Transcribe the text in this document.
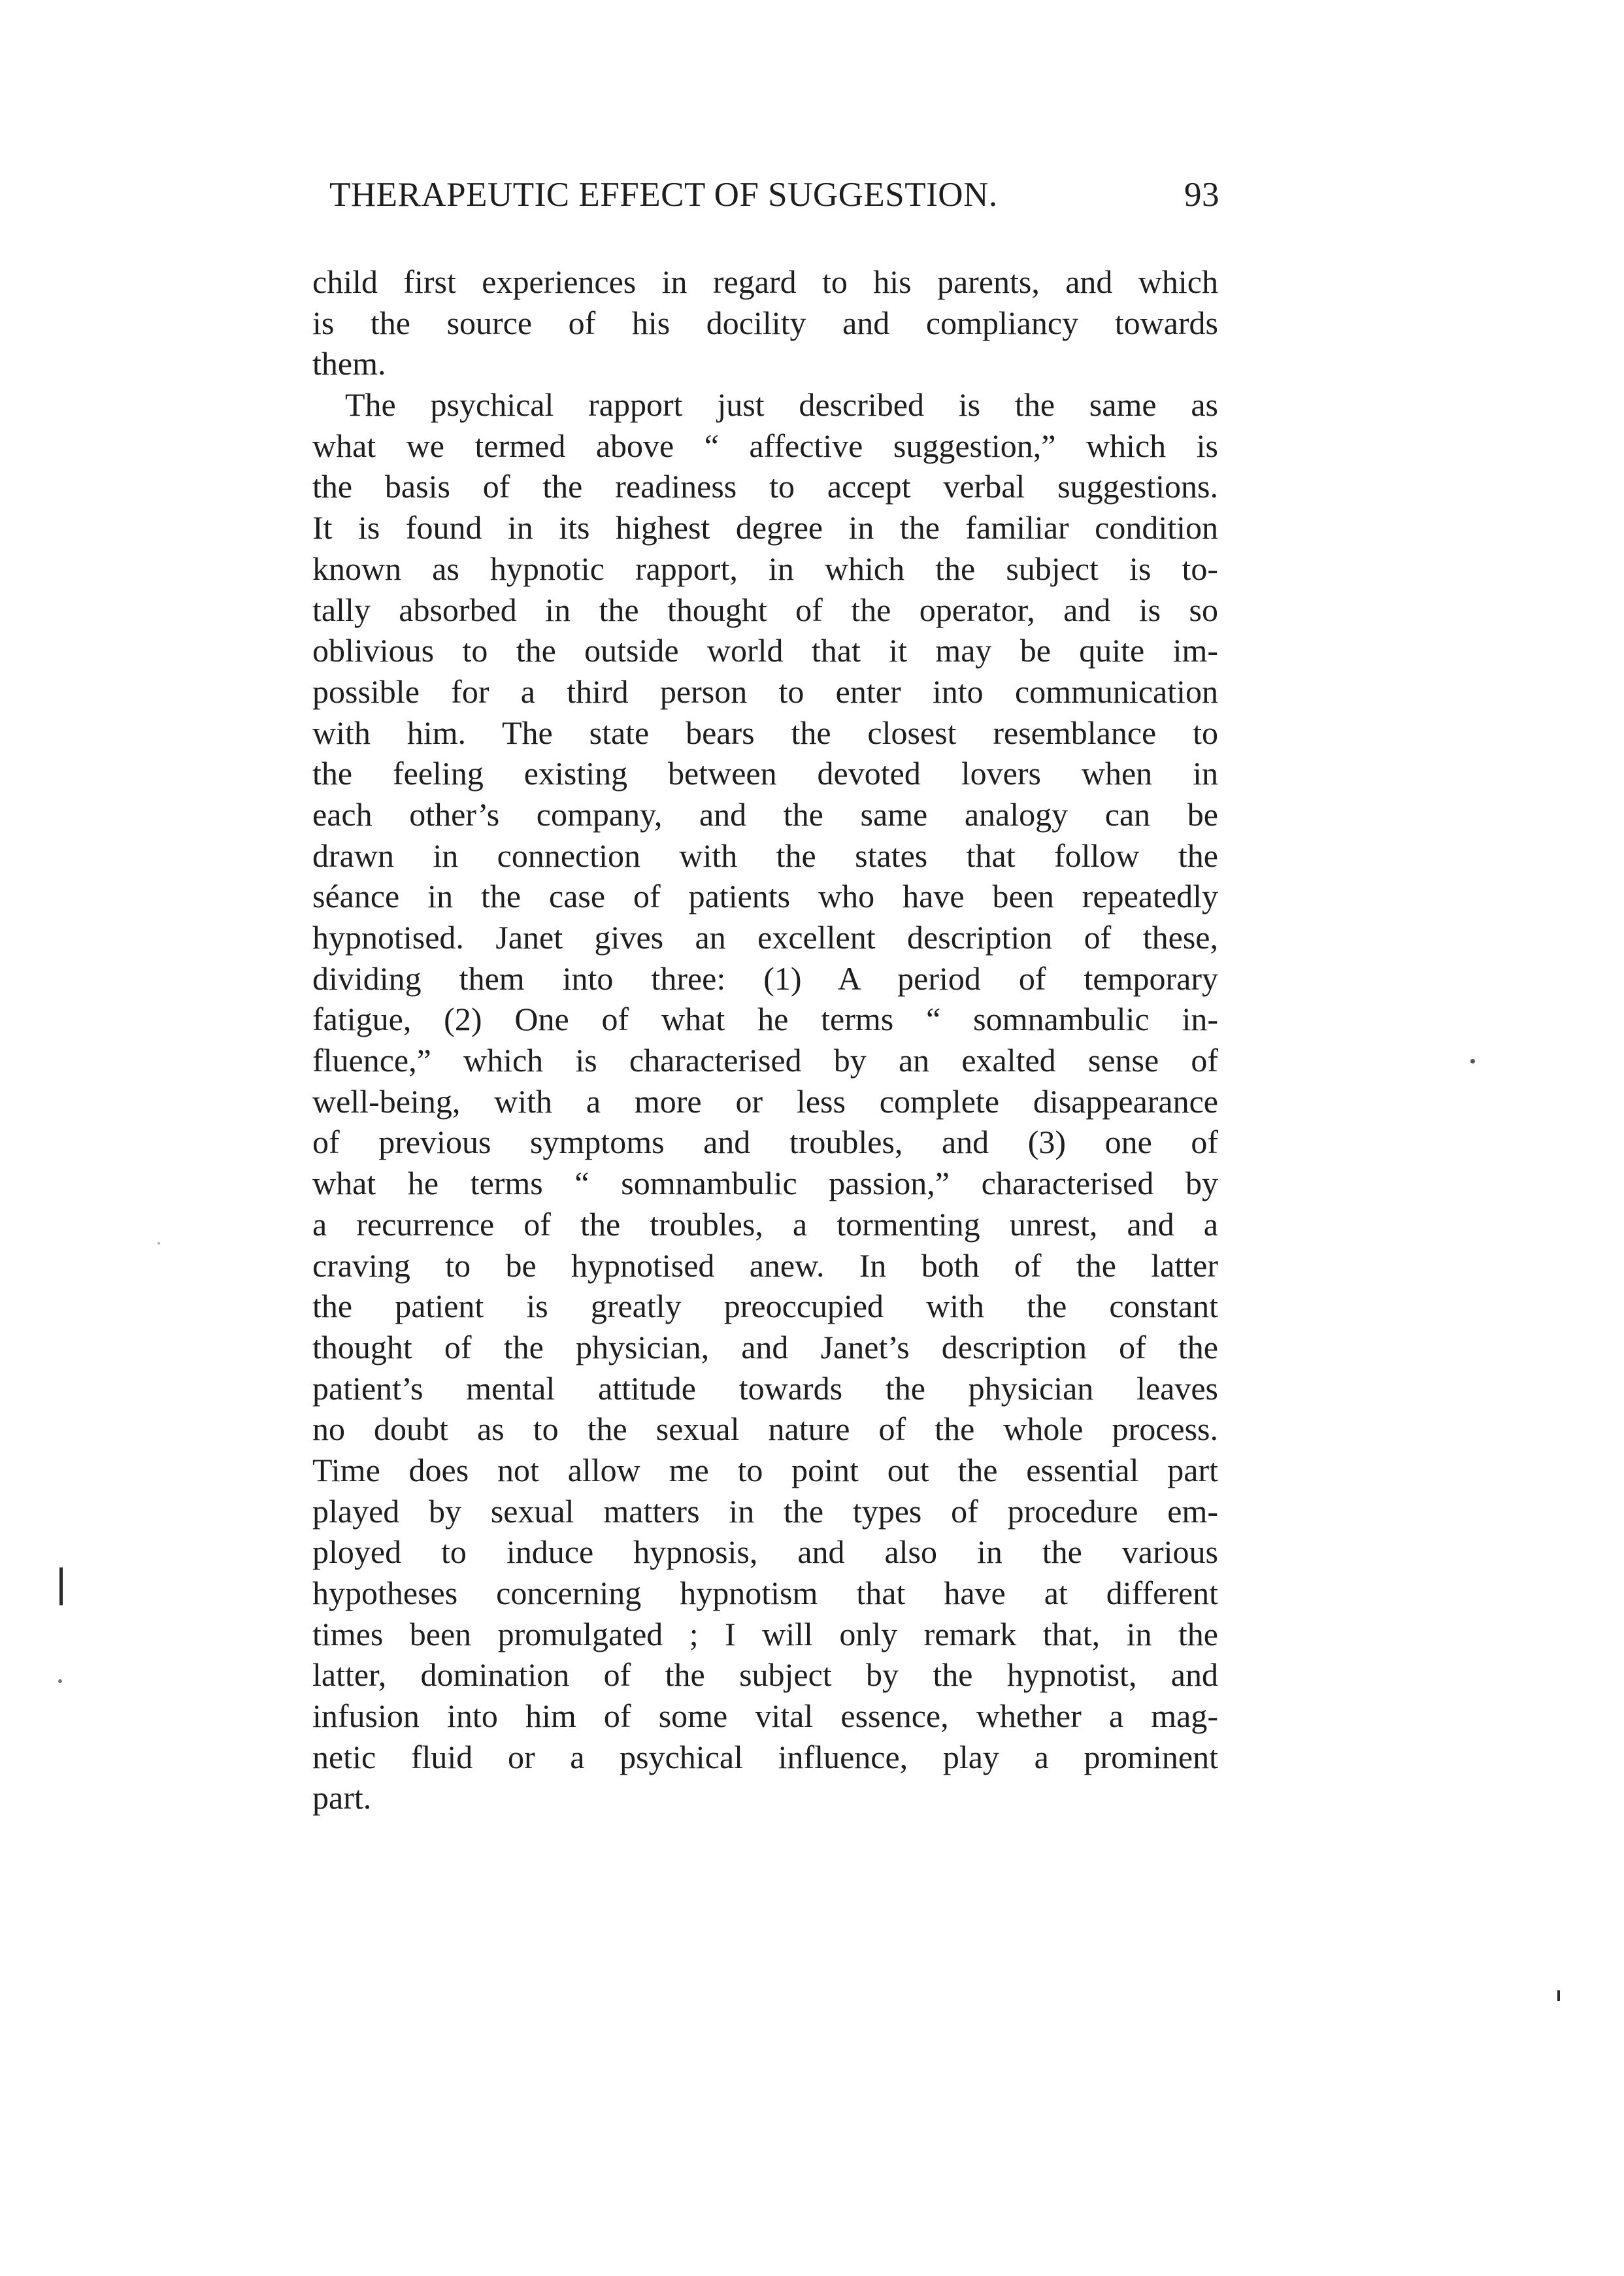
THERAPEUTIC EFFECT OF SUGGESTION.	93
child first experiences in regard to his parents, and which
is the source of his docility and compliancy towards
them.
The psychical rapport just described is the same as
what we termed above “ affective suggestion,” which is
the basis of the readiness to accept verbal suggestions.
It is found in its highest degree in the familiar condition
known as hypnotic rapport, in which the subject is to-
tally absorbed in the thought of the operator, and is so
oblivious to the outside world that it may be quite im-
possible for a third person to enter into communication
with him. The state bears the closest resemblance to
the feeling existing between devoted lovers when in
each other’s company, and the same analogy can be
drawn in connection with the states that follow the
séance in the case of patients who have been repeatedly
hypnotised. Janet gives an excellent description of these,
dividing them into three: (1) A period of temporary
fatigue, (2) One of what he terms “ somnambulic in-
fluence,” which is characterised by an exalted sense of
well-being, with a more or less complete disappearance
of previous symptoms and troubles, and (3) one of
what he terms “ somnambulic passion,” characterised by
a recurrence of the troubles, a tormenting unrest, and a
craving to be hypnotised anew. In both of the latter
the patient is greatly preoccupied with the constant
thought of the physician, and Janet’s description of the
patient’s mental attitude towards the physician leaves
no doubt as to the sexual nature of the whole process.
Time does not allow me to point out the essential part
played by sexual matters in the types of procedure em-
ployed to induce hypnosis, and also in the various
hypotheses concerning hypnotism that have at different
times been promulgated ; I will only remark that, in the
latter, domination of the subject by the hypnotist, and
infusion into him of some vital essence, whether a mag-
netic fluid or a psychical influence, play a prominent
part.
